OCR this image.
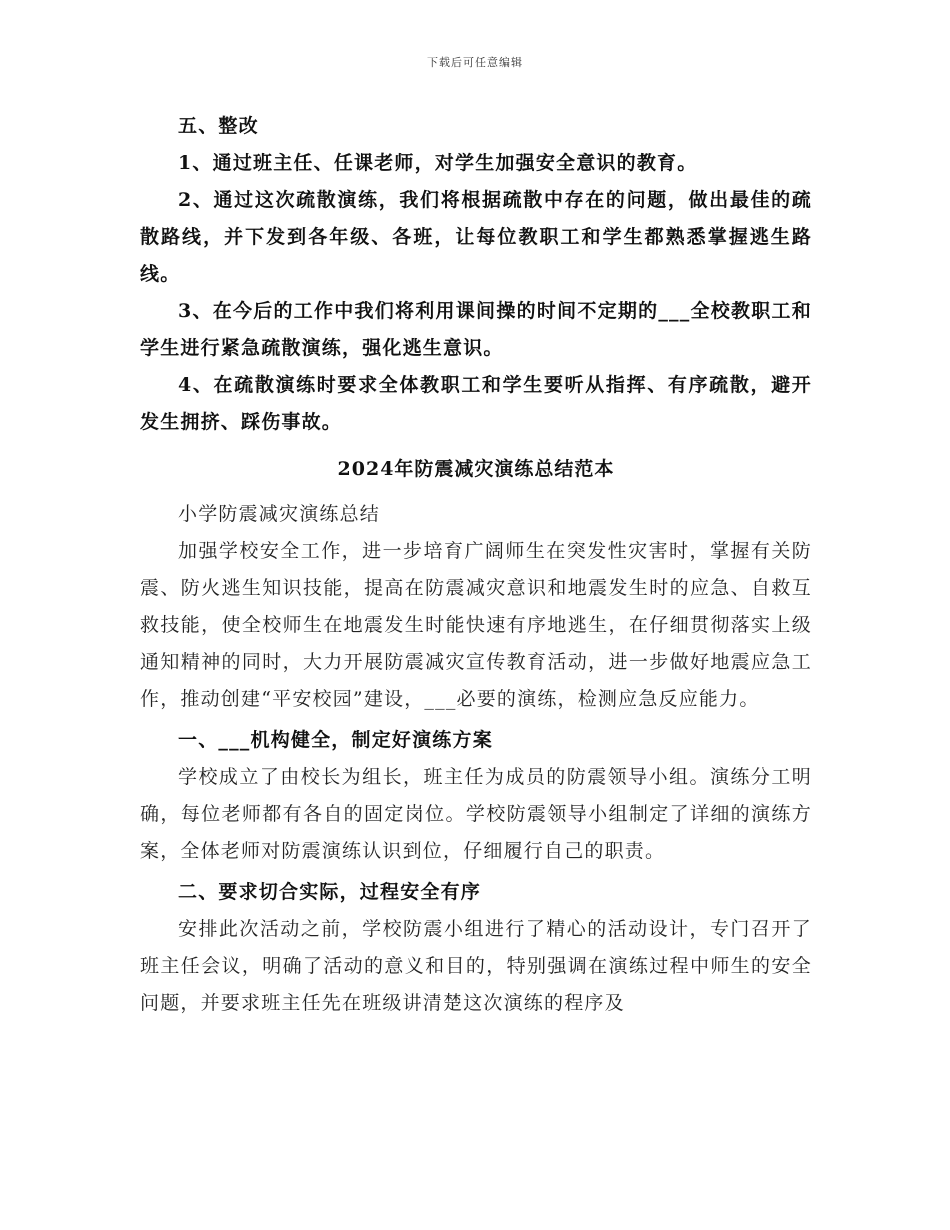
下载后可任意编辑

五、整改

1、通过班主任、任课老师，对学生加强安全意识的教育。

2、通过这次疏散演练，我们将根据疏散中存在的问题，做出最佳的疏散路线，并下发到各年级、各班，让每位教职工和学生都熟悉掌握逃生路线。

3、在今后的工作中我们将利用课间操的时间不定期的___全校教职工和学生进行紧急疏散演练，强化逃生意识。

4、在疏散演练时要求全体教职工和学生要听从指挥、有序疏散，避开发生拥挤、踩伤事故。

2024年防震减灾演练总结范本

小学防震减灾演练总结

加强学校安全工作，进一步培育广阔师生在突发性灾害时，掌握有关防震、防火逃生知识技能，提高在防震减灾意识和地震发生时的应急、自救互救技能，使全校师生在地震发生时能快速有序地逃生，在仔细贯彻落实上级通知精神的同时，大力开展防震减灾宣传教育活动，进一步做好地震应急工作，推动创建“平安校园”建设，___必要的演练，检测应急反应能力。

一、___机构健全，制定好演练方案

学校成立了由校长为组长，班主任为成员的防震领导小组。演练分工明确，每位老师都有各自的固定岗位。学校防震领导小组制定了详细的演练方案，全体老师对防震演练认识到位，仔细履行自己的职责。

二、要求切合实际，过程安全有序

安排此次活动之前，学校防震小组进行了精心的活动设计，专门召开了班主任会议，明确了活动的意义和目的，特别强调在演练过程中师生的安全问题，并要求班主任先在班级讲清楚这次演练的程序及
